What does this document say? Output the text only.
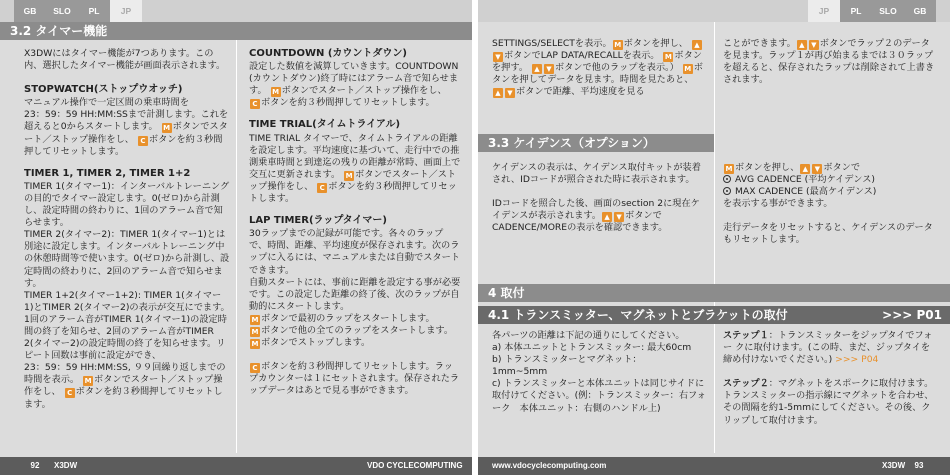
GB	SLO	PL	JP
3.2 タイマー機能

X3DWにはタイマー機能が7つあります。この内、選択したタイマー機能が画面表示されます。

STOPWATCH(ストップウオッチ)
マニュアル操作で一定区間の乗車時間を
23：59：59 HH:MM:SSまで計測します。これを超えると0からスタートします。 M ボタンでスタート／ストップ操作をし、 C ボタンを約３秒間押してリセットします。
TIMER 1, TIMER 2, TIMER 1+2
TIMER 1(タイマー1)：インターバルトレーニングの目的でタイマー設定します。0(ゼロ)から計測し、設定時間の終わりに、1回のアラーム音で知らせます。
TIMER 2(タイマー2)：TIMER 1(タイマー1)とは別途に設定します。インターバルトレーニング中の休憩時間等で使います。0(ゼロ)から計測し、設定時間の終わりに、2回のアラーム音で知らせます。
TIMER 1+2(タイマー1+2): TIMER 1(タイマー1)とTIMER 2(タイマー2)の表示が交互にでます。1回のアラーム音がTIMER 1(タイマー1)の設定時間の終了を知らせ、2回のアラーム音がTIMER 2(タイマー2)の設定時間の終了を知らせます。リピート回数は事前に設定ができ、
23：59：59 HH:MM:SS, ９９回繰り返しまでの時間を表示。 M ボタンでスタート／ストップ操作をし、 C ボタンを約３秒間押してリセットします。
COUNTDOWN (カウントダウン)
設定した数値を減算していきます。COUNTDOWN (カウントダウン)終了時にはアラーム音で知らせます。 M ボタンでスタート／ストップ操作をし、 C ボタンを約３秒間押してリセットします。
TIME TRIAL(タイムトライアル)
TIME TRIAL タイマーで、タイムトライアルの距離を設定します。平均速度に基づいて、走行中での推測乗車時間と到達迄の残りの距離が常時、画面上で交互に更新されます。 M ボタンでスタート／ストップ操作をし、 C ボタンを約３秒間押してリセットします。
LAP TIMER(ラップタイマー)
30ラップまでの記録が可能です。各々のラップで、時間、距離、平均速度が保存されます。次のラップに入るには、マニュアルまたは自動でスタートできます。
自動スタートには、事前に距離を設定する事が必要です。この設定した距離の終了後、次のラップが自動的にスタートします。
M ボタンで最初のラップをスタートします。
M ボタンで他の全てのラップをスタートします。
M ボタンでストップします。
C ボタンを約３秒間押してリセットします。ラップカウンターは１にセットされます。保存されたラップデータはあとで見る事ができます。
92	X3DW	VDO CYCLECOMPUTING
JP	PL	SLO	GB
SETTINGS/SELECTを表示。 M ボタンを押し、 ▲▼ ボタンでLAP DATA/RECALLを表示。 M ボタンを押す。 ▲ ▼ ボタンで他のラップを表示。） M ボタンを押してデータを見ます。時間を見たあと、 ▲ ▼ ボタンで距離、平均速度を見る
ことができます。 ▲ ▼ ボタンでラップ２のデータを見ます。ラップ１が再び始まるまでは３０ラップを超えると、保存されたラップは削除されて上書きされます。
3.3 ケイデンス（オプション）

ケイデンスの表示は、ケイデンス取付キットが装着され、IDコードが照合された時に表示されます。

IDコードを照合した後、画面のsection 2に現在ケイデンスが表示されます。 ▲ ▼ ボタンで CADENCE/MOREの表示を確認できます。
M ボタンを押し、 ▲ ▼ ボタンで
AVG CADENCE (平均ケイデンス)
MAX CADENCE (最高ケイデンス)

を表示する事ができます。

走行データをリセットすると、ケイデンスのデータもリセットします。
4 取付
4.1 トランスミッター、マグネットとブラケットの取付	>>> P01
各パーツの距離は下記の通りにしてください。
a) 本体ユニットとトランスミッター: 最大60cm
b) トランスミッターとマグネット：
1mm~5mm
c) トランスミッターと本体ユニットは同じサイドに取付けてください。(例：トランスミッター：右フォーク　本体ユニット：右側のハンドル上)

ステップ１：トランスミッターをジップタイでフォー クに取付けます。(この時、まだ、ジップタイを締め付けないでください。) >>> P04

ステップ２：マグネットをスポークに取付けます。トランスミッターの指示線にマグネットを合わせ、その間隔を約1-5mmにしてください。その後、クリップして取付けます。
www.vdocyclecomputing.com	X3DW	93
